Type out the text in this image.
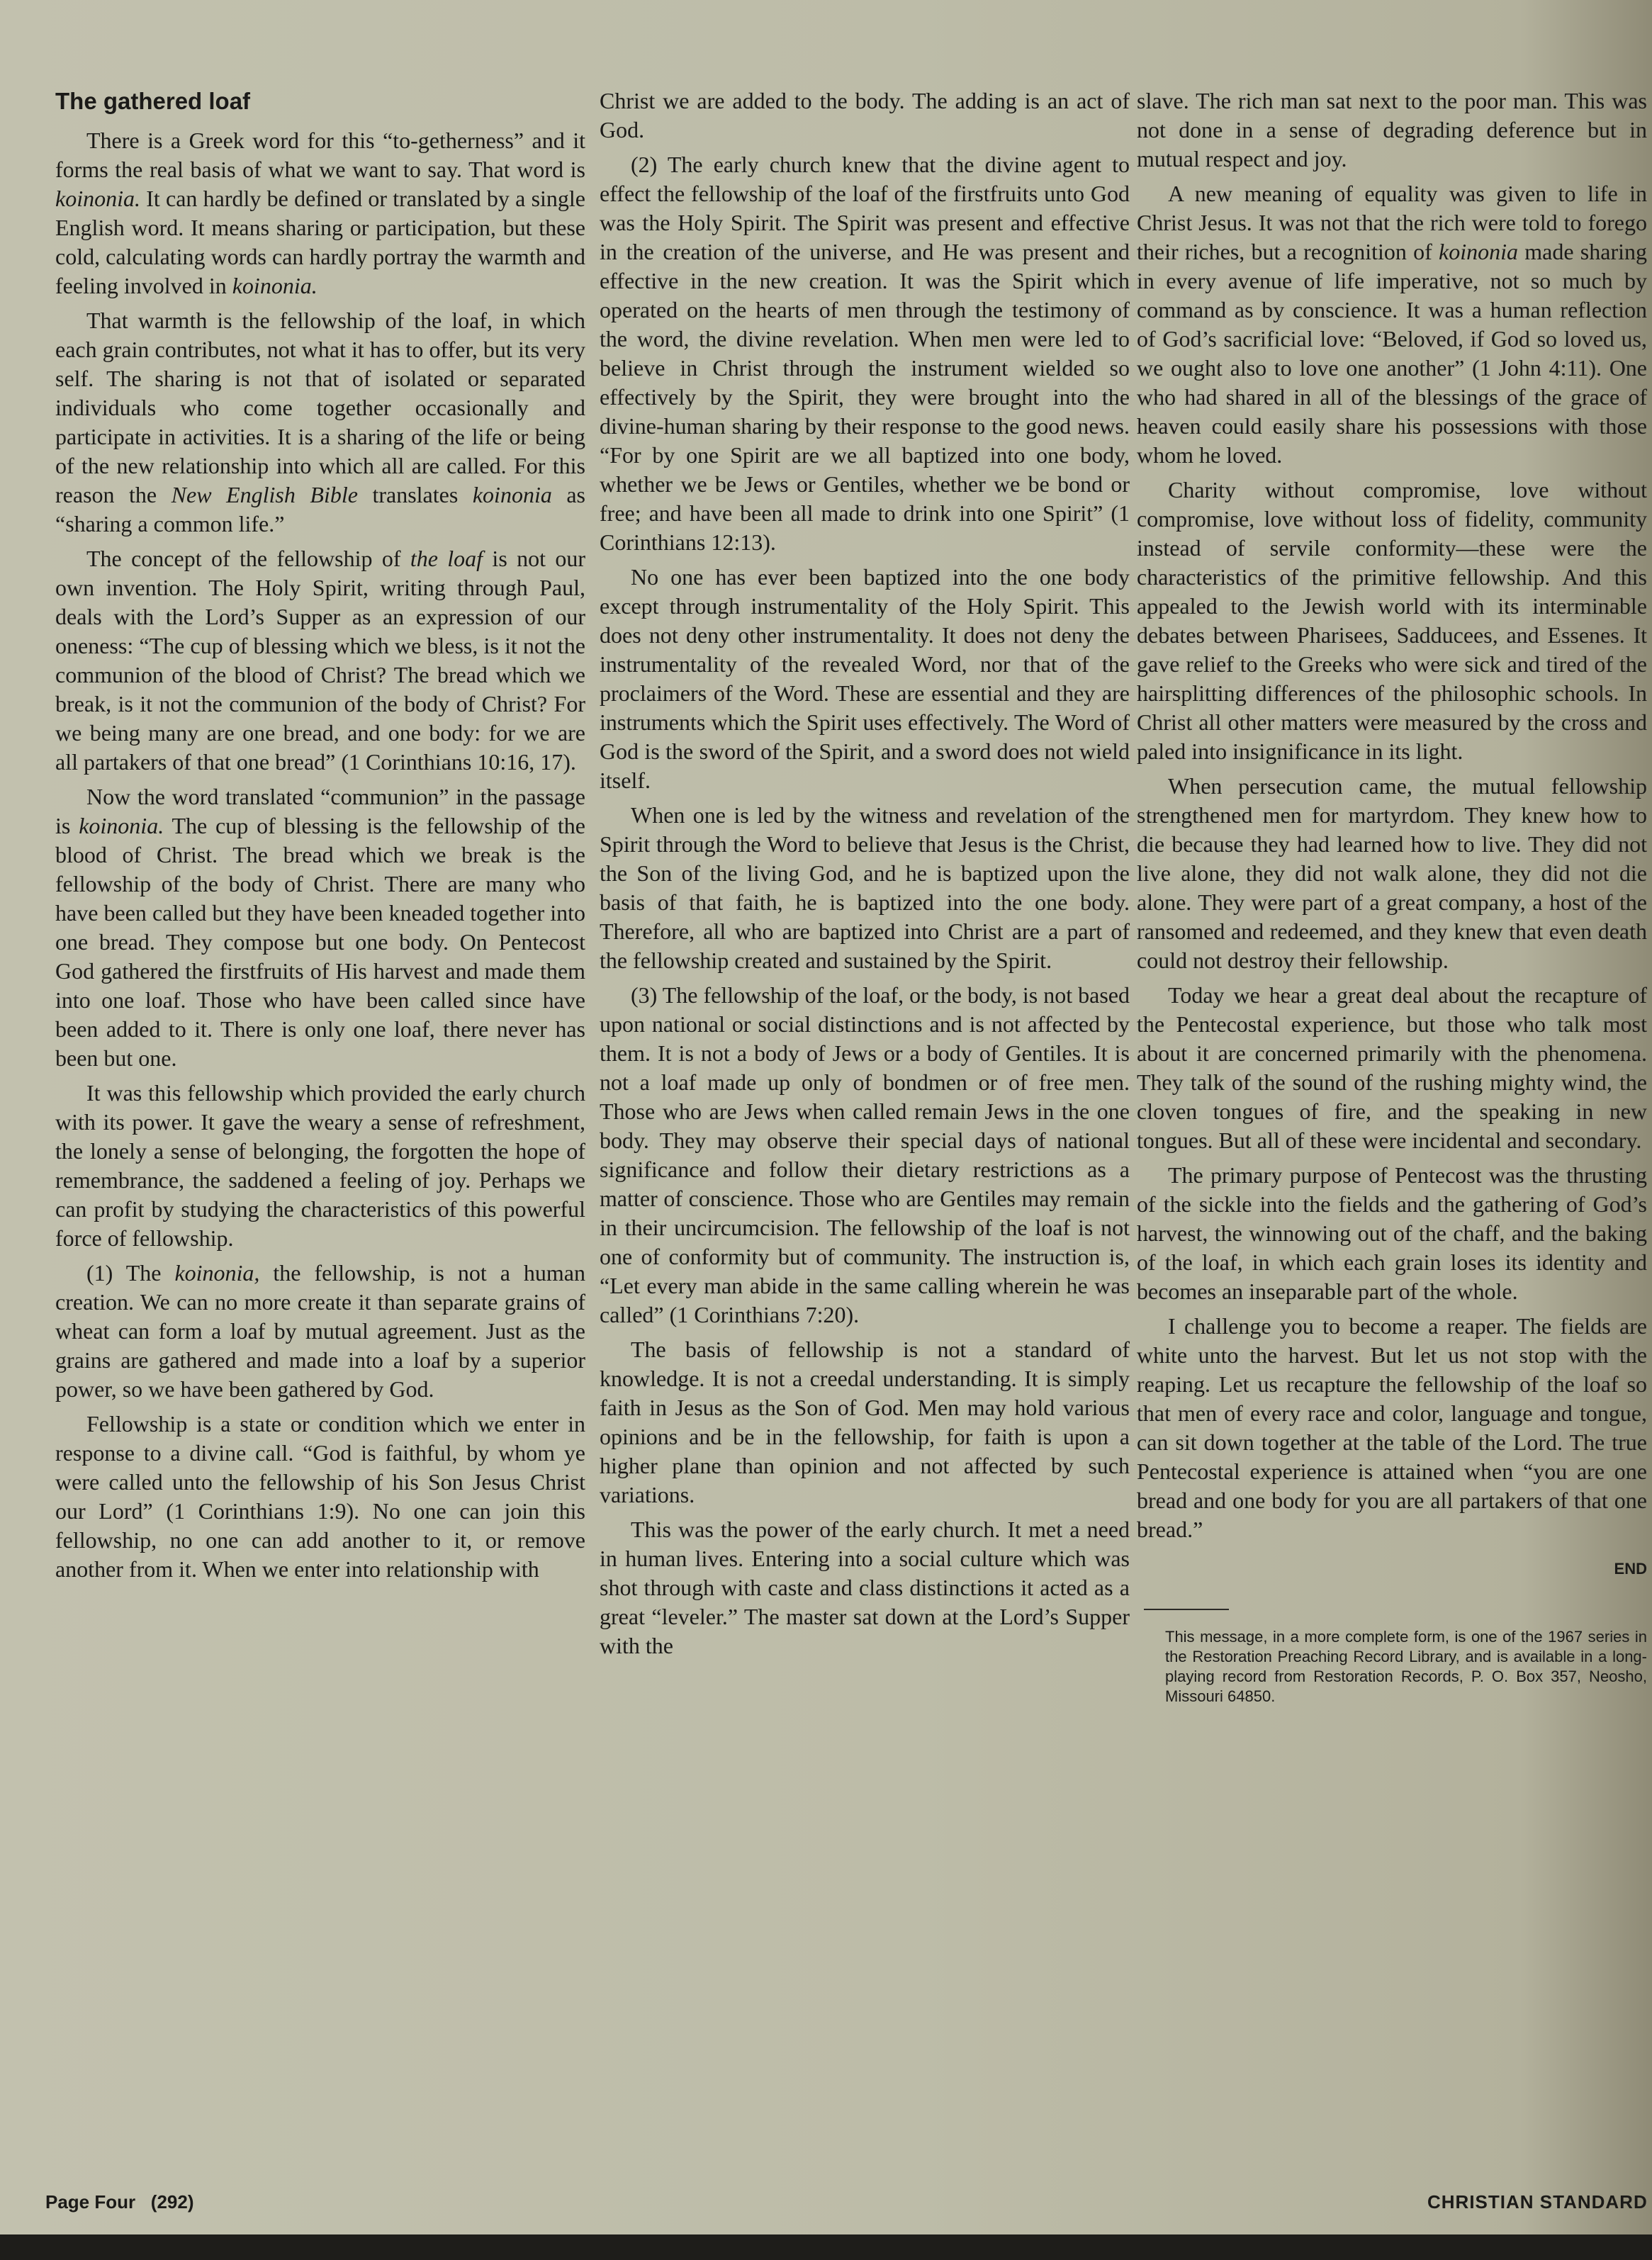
The gathered loaf

There is a Greek word for this “to-getherness” and it forms the real basis of what we want to say. That word is koinonia. It can hardly be defined or translated by a single English word. It means sharing or participation, but these cold, calculating words can hardly portray the warmth and feeling involved in koinonia.

That warmth is the fellowship of the loaf, in which each grain contributes, not what it has to offer, but its very self. The sharing is not that of isolated or separated individuals who come together occasionally and participate in activities. It is a sharing of the life or being of the new relationship into which all are called. For this reason the New English Bible translates koinonia as “sharing a common life.”

The concept of the fellowship of the loaf is not our own invention. The Holy Spirit, writing through Paul, deals with the Lord’s Supper as an expression of our oneness: “The cup of blessing which we bless, is it not the communion of the blood of Christ? The bread which we break, is it not the communion of the body of Christ? For we being many are one bread, and one body: for we are all partakers of that one bread” (1 Corinthians 10:16, 17).

Now the word translated “communion” in the passage is koinonia. The cup of blessing is the fellowship of the blood of Christ. The bread which we break is the fellowship of the body of Christ. There are many who have been called but they have been kneaded together into one bread. They compose but one body. On Pentecost God gathered the firstfruits of His harvest and made them into one loaf. Those who have been called since have been added to it. There is only one loaf, there never has been but one.

It was this fellowship which provided the early church with its power. It gave the weary a sense of refreshment, the lonely a sense of belonging, the forgotten the hope of remembrance, the saddened a feeling of joy. Perhaps we can profit by studying the characteristics of this powerful force of fellowship.

(1) The koinonia, the fellowship, is not a human creation. We can no more create it than separate grains of wheat can form a loaf by mutual agreement. Just as the grains are gathered and made into a loaf by a superior power, so we have been gathered by God.

Fellowship is a state or condition which we enter in response to a divine call. “God is faithful, by whom ye were called unto the fellowship of his Son Jesus Christ our Lord” (1 Corinthians 1:9). No one can join this fellowship, no one can add another to it, or remove another from it. When we enter into relationship with

Christ we are added to the body. The adding is an act of God.

(2) The early church knew that the divine agent to effect the fellowship of the loaf of the firstfruits unto God was the Holy Spirit. The Spirit was present and effective in the creation of the universe, and He was present and effective in the new creation. It was the Spirit which operated on the hearts of men through the testimony of the word, the divine revelation. When men were led to believe in Christ through the instrument wielded so effectively by the Spirit, they were brought into the divine-human sharing by their response to the good news. “For by one Spirit are we all baptized into one body, whether we be Jews or Gentiles, whether we be bond or free; and have been all made to drink into one Spirit” (1 Corinthians 12:13).

No one has ever been baptized into the one body except through instrumentality of the Holy Spirit. This does not deny other instrumentality. It does not deny the instrumentality of the revealed Word, nor that of the proclaimers of the Word. These are essential and they are instruments which the Spirit uses effectively. The Word of God is the sword of the Spirit, and a sword does not wield itself.

When one is led by the witness and revelation of the Spirit through the Word to believe that Jesus is the Christ, the Son of the living God, and he is baptized upon the basis of that faith, he is baptized into the one body. Therefore, all who are baptized into Christ are a part of the fellowship created and sustained by the Spirit.

(3) The fellowship of the loaf, or the body, is not based upon national or social distinctions and is not affected by them. It is not a body of Jews or a body of Gentiles. It is not a loaf made up only of bondmen or of free men. Those who are Jews when called remain Jews in the one body. They may observe their special days of national significance and follow their dietary restrictions as a matter of conscience. Those who are Gentiles may remain in their uncircumcision. The fellowship of the loaf is not one of conformity but of community. The instruction is, “Let every man abide in the same calling wherein he was called” (1 Corinthians 7:20).

The basis of fellowship is not a standard of knowledge. It is not a creedal understanding. It is simply faith in Jesus as the Son of God. Men may hold various opinions and be in the fellowship, for faith is upon a higher plane than opinion and not affected by such variations.

This was the power of the early church. It met a need in human lives. Entering into a social culture which was shot through with caste and class distinctions it acted as a great “leveler.” The master sat down at the Lord’s Supper with the

slave. The rich man sat next to the poor man. This was not done in a sense of degrading deference but in mutual respect and joy.

A new meaning of equality was given to life in Christ Jesus. It was not that the rich were told to forego their riches, but a recognition of koinonia made sharing in every avenue of life imperative, not so much by command as by conscience. It was a human reflection of God’s sacrificial love: “Beloved, if God so loved us, we ought also to love one another” (1 John 4:11). One who had shared in all of the blessings of the grace of heaven could easily share his possessions with those whom he loved.

Charity without compromise, love without compromise, love without loss of fidelity, community instead of servile conformity—these were the characteristics of the primitive fellowship. And this appealed to the Jewish world with its interminable debates between Pharisees, Sadducees, and Essenes. It gave relief to the Greeks who were sick and tired of the hairsplitting differences of the philosophic schools. In Christ all other matters were measured by the cross and paled into insignificance in its light.

When persecution came, the mutual fellowship strengthened men for martyrdom. They knew how to die because they had learned how to live. They did not live alone, they did not walk alone, they did not die alone. They were part of a great company, a host of the ransomed and redeemed, and they knew that even death could not destroy their fellowship.

Today we hear a great deal about the recapture of the Pentecostal experience, but those who talk most about it are concerned primarily with the phenomena. They talk of the sound of the rushing mighty wind, the cloven tongues of fire, and the speaking in new tongues. But all of these were incidental and secondary.

The primary purpose of Pentecost was the thrusting of the sickle into the fields and the gathering of God’s harvest, the winnowing out of the chaff, and the baking of the loaf, in which each grain loses its identity and becomes an inseparable part of the whole.

I challenge you to become a reaper. The fields are white unto the harvest. But let us not stop with the reaping. Let us recapture the fellowship of the loaf so that men of every race and color, language and tongue, can sit down together at the table of the Lord. The true Pentecostal experience is attained when “you are one bread and one body for you are all partakers of that one bread.”

END
This message, in a more complete form, is one of the 1967 series in the Restoration Preaching Record Library, and is available in a long-playing record from Restoration Records, P. O. Box 357, Neosho, Missouri 64850.
Page Four   (292)	CHRISTIAN STANDARD
